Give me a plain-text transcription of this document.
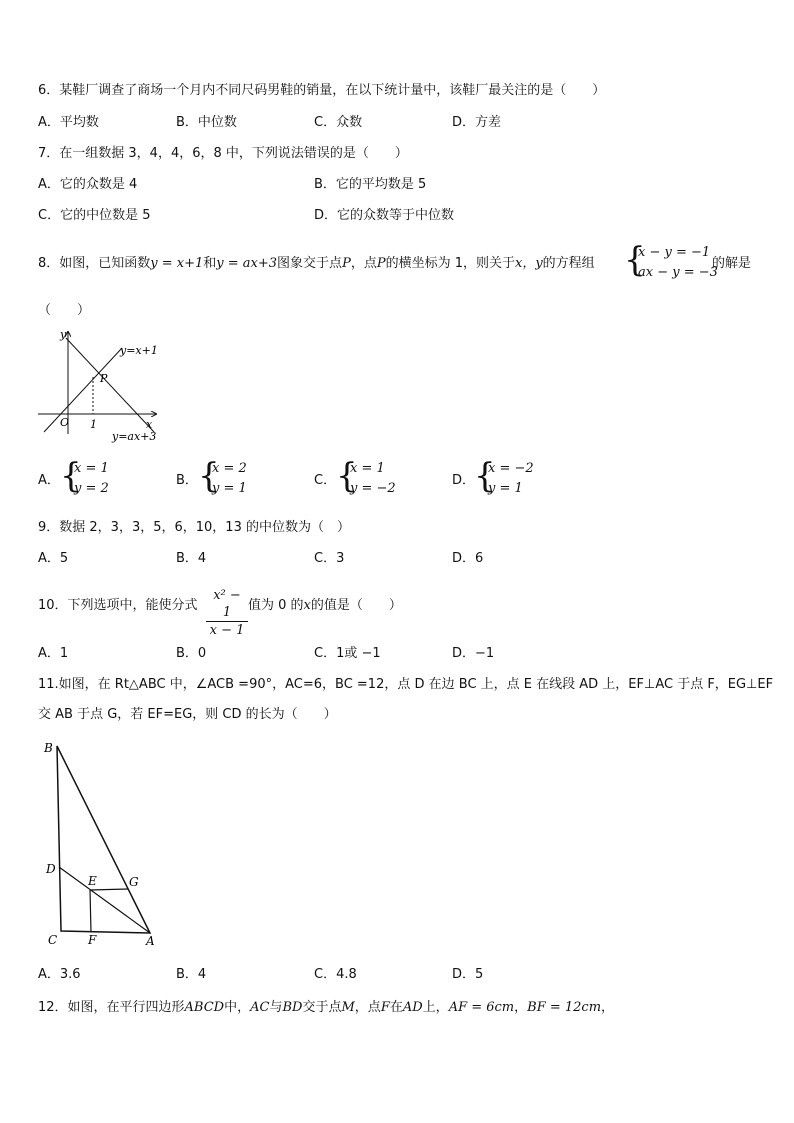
6．某鞋厂调查了商场一个月内不同尺码男鞋的销量，在以下统计量中，该鞋厂最关注的是（　　）
A．平均数	B．中位数	C．众数	D．方差
7．在一组数据 3，4，4，6，8 中，下列说法错误的是（　　）
A．它的众数是 4	B．它的平均数是 5
C．它的中位数是 5	D．它的众数等于中位数
8．如图，已知函数y = x+1和y = ax+3图象交于点P，点P的横坐标为 1，则关于x，y的方程组 {
x − y = −1
ax − y = −3
的解是
（　　）
y
x
O 1
P
y=x+1
y=ax+3
A． {
x = 1
y = 2
B． {
x = 2
y = 1
C． {
x = 1
y = −2
D．
{
x = −2
y = 1
9．数据 2，3，3，5，6，10，13 的中位数为（　）
A．5	B．4	C．3	D．6
10．下列选项中，能使分式 $\frac{\text{x² − 1}}{x - 1}$ 值为 0 的x的值是（　　）
A．1	B．0	C．1或 −1	D．−1
11.如图，在 Rt△ABC 中，∠ACB =90°，AC=6，BC =12，点 D 在边 BC 上，点 E 在线段 AD 上，EF⊥AC 于点 F，EG⊥EF
交 AB 于点 G，若 EF=EG，则 CD 的长为（　　）
B
D
E	G
C	F	A
A．3.6	B．4	C．4.8	D．5
12．如图，在平行四边形ABCD中，AC与BD交于点M，点F在AD上，AF = 6cm，BF = 12cm，
